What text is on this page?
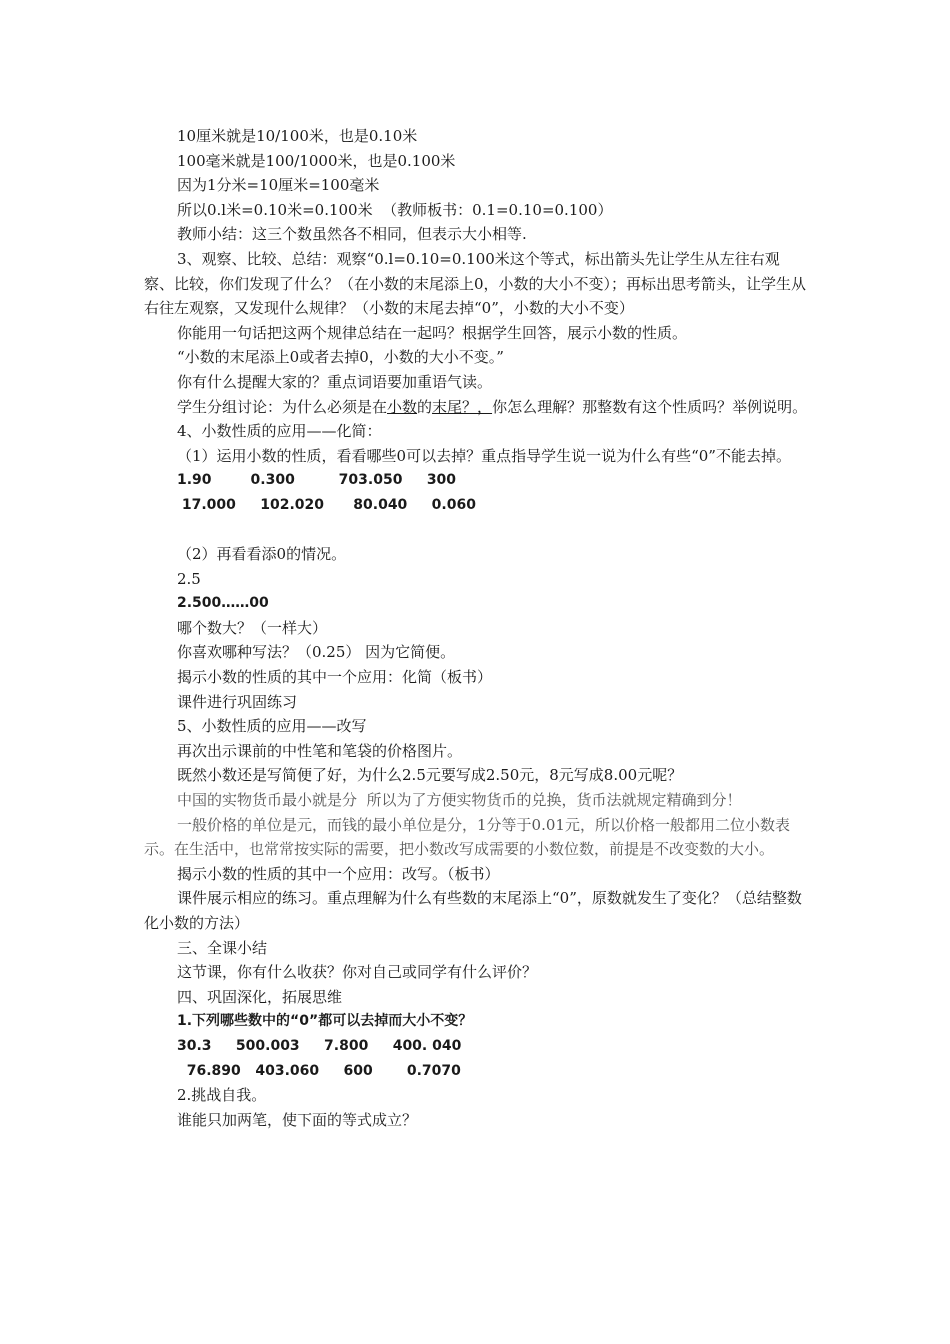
10厘米就是10/100米，也是0.10米

100毫米就是100/1000米，也是0.100米

因为1分米=10厘米=100毫米

所以0.l米=0.10米=0.100米  （教师板书：0.1=0.10=0.100）

教师小结：这三个数虽然各不相同，但表示大小相等.

3、观察、比较、总结：观察“0.l=0.10=0.100米这个等式，标出箭头先让学生从左往右观察、比较，你们发现了什么？（在小数的末尾添上0，小数的大小不变）；再标出思考箭头，让学生从右往左观察，又发现什么规律？（小数的末尾去掉“0”，小数的大小不变）

你能用一句话把这两个规律总结在一起吗？根据学生回答，展示小数的性质。

“小数的末尾添上0或者去掉0，小数的大小不变。”

你有什么提醒大家的？重点词语要加重语气读。

学生分组讨论：为什么必须是在小数的末尾？，你怎么理解？那整数有这个性质吗？举例说明。

4、小数性质的应用——化简：

（1）运用小数的性质，看看哪些0可以去掉？重点指导学生说一说为什么有些“0”不能去掉。

1.90        0.300         703.050     300

17.000     102.020      80.040     0.060

（2）再看看添0的情况。

2.5

2.500……00

哪个数大？（一样大）

你喜欢哪种写法？（0.25） 因为它简便。

揭示小数的性质的其中一个应用：化简（板书）

课件进行巩固练习

5、小数性质的应用——改写

再次出示课前的中性笔和笔袋的价格图片。

既然小数还是写简便了好，为什么2.5元要写成2.50元，8元写成8.00元呢？

中国的实物货币最小就是分  所以为了方便实物货币的兑换，货币法就规定精确到分！

一般价格的单位是元，而钱的最小单位是分，1分等于0.01元，所以价格一般都用二位小数表示。在生活中，也常常按实际的需要，把小数改写成需要的小数位数，前提是不改变数的大小。

揭示小数的性质的其中一个应用：改写。（板书）

课件展示相应的练习。重点理解为什么有些数的末尾添上“0”，原数就发生了变化？（总结整数化小数的方法）

三、全课小结

这节课，你有什么收获？你对自己或同学有什么评价？

四、巩固深化，拓展思维

1.下列哪些数中的“0”都可以去掉而大小不变？

30.3     500.003     7.800     400. 040

76.890   403.060     600       0.7070

2.挑战自我。

谁能只加两笔，使下面的等式成立？
